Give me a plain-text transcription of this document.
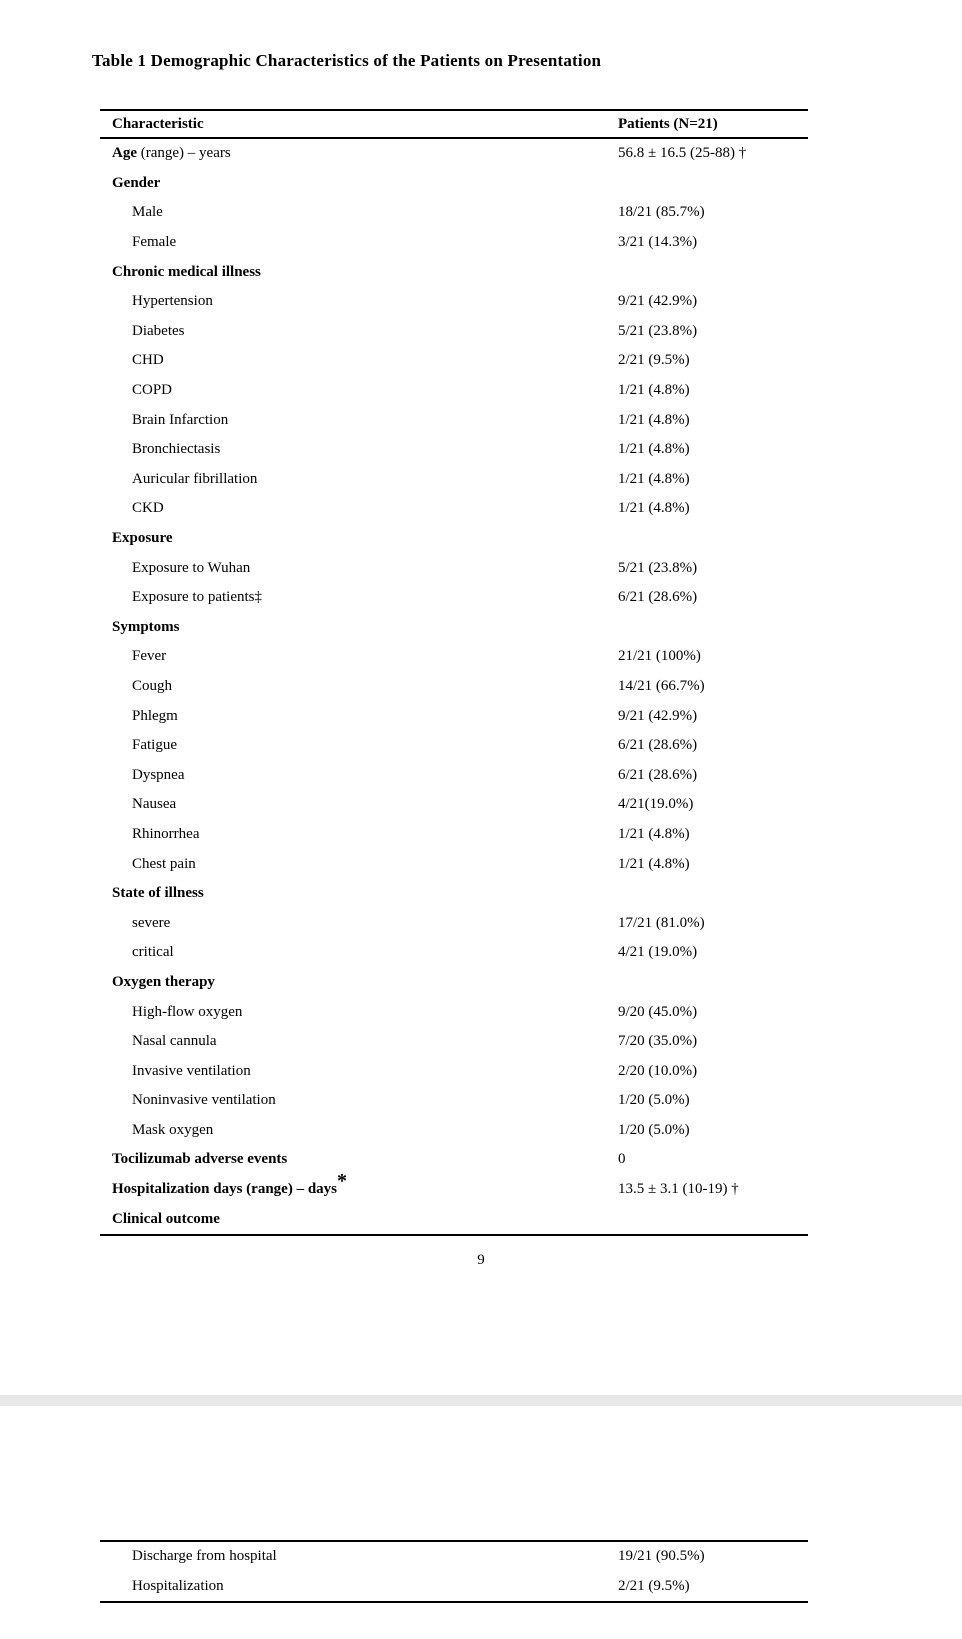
Table 1 Demographic Characteristics of the Patients on Presentation
Characteristic	Patients (N=21)
Age (range) – years	56.8 ± 16.5 (25-88) †
Gender
Male	18/21 (85.7%)
Female	3/21 (14.3%)
Chronic medical illness
Hypertension	9/21 (42.9%)
Diabetes	5/21 (23.8%)
CHD	2/21 (9.5%)
COPD	1/21 (4.8%)
Brain Infarction	1/21 (4.8%)
Bronchiectasis	1/21 (4.8%)
Auricular fibrillation	1/21 (4.8%)
CKD	1/21 (4.8%)
Exposure
Exposure to Wuhan	5/21 (23.8%)
Exposure to patients‡	6/21 (28.6%)
Symptoms
Fever	21/21 (100%)
Cough	14/21 (66.7%)
Phlegm	9/21 (42.9%)
Fatigue	6/21 (28.6%)
Dyspnea	6/21 (28.6%)
Nausea	4/21(19.0%)
Rhinorrhea	1/21 (4.8%)
Chest pain	1/21 (4.8%)
State of illness
severe	17/21 (81.0%)
critical	4/21 (19.0%)
Oxygen therapy
High-flow oxygen	9/20 (45.0%)
Nasal cannula	7/20 (35.0%)
Invasive ventilation	2/20 (10.0%)
Noninvasive ventilation	1/20 (5.0%)
Mask oxygen	1/20 (5.0%)
Tocilizumab adverse events	0
Hospitalization days (range) – days*	13.5 ± 3.1 (10-19) †
Clinical outcome
9
Discharge from hospital	19/21 (90.5%)
Hospitalization	2/21 (9.5%)
